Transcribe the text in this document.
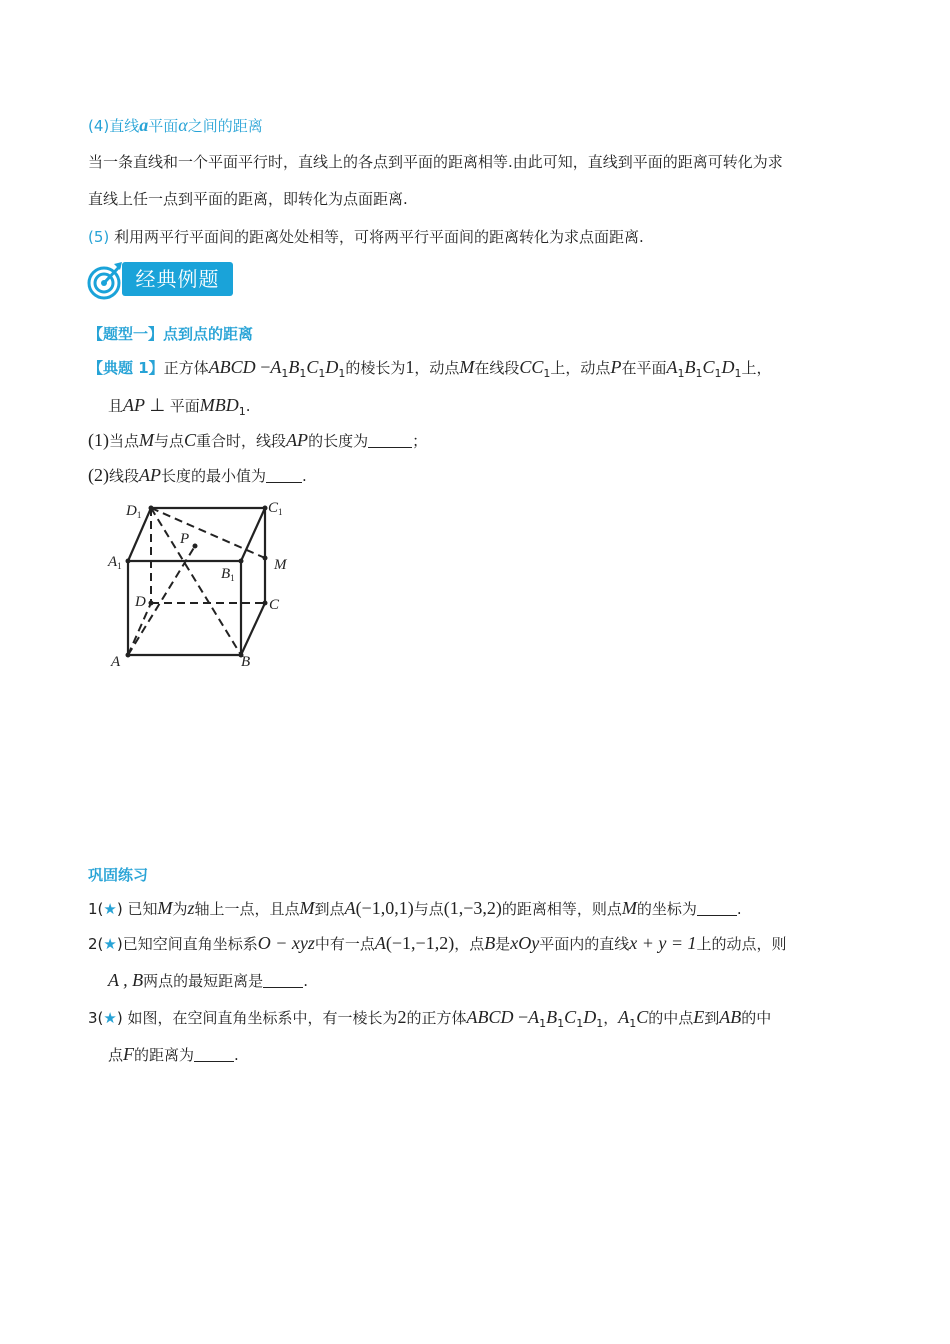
(4)直线a平面α之间的距离
当一条直线和一个平面平行时，直线上的各点到平面的距离相等.由此可知，直线到平面的距离可转化为求
直线上任一点到平面的距离，即转化为点面距离.
(5) 利用两平行平面间的距离处处相等，可将两平行平面间的距离转化为求点面距离.
经典例题
【题型一】点到点的距离
【典题 1】正方体ABCD $-A_1B_1C_1D_1$的棱长为1，动点M在线段$CC_1$上，动点P在平面$A_1B_1C_1D_1$上，
且AP ⊥ 平面$MBD_1$.
(1)当点M与点C重合时，线段AP的长度为	；
(2)线段AP长度的最小值为 .
$D_1$	$C_1$
$A_1$	$B_1$
P
M
D	C
A	B
巩固练习
1(★) 已知M为z轴上一点，且点M到点A(−1,0,1)与点(1,−3,2)的距离相等，则点M的坐标为	.
2(★)已知空间直角坐标系O − xyz中有一点A(−1,−1,2)，点B是xOy平面内的直线x + y = 1上的动点，则
A , B两点的最短距离是	.
3(★) 如图，在空间直角坐标系中，有一棱长为2的正方体ABCD $-A_1B_1C_1D_1$，$A_1C$的中点E到AB的中
点F的距离为	.
